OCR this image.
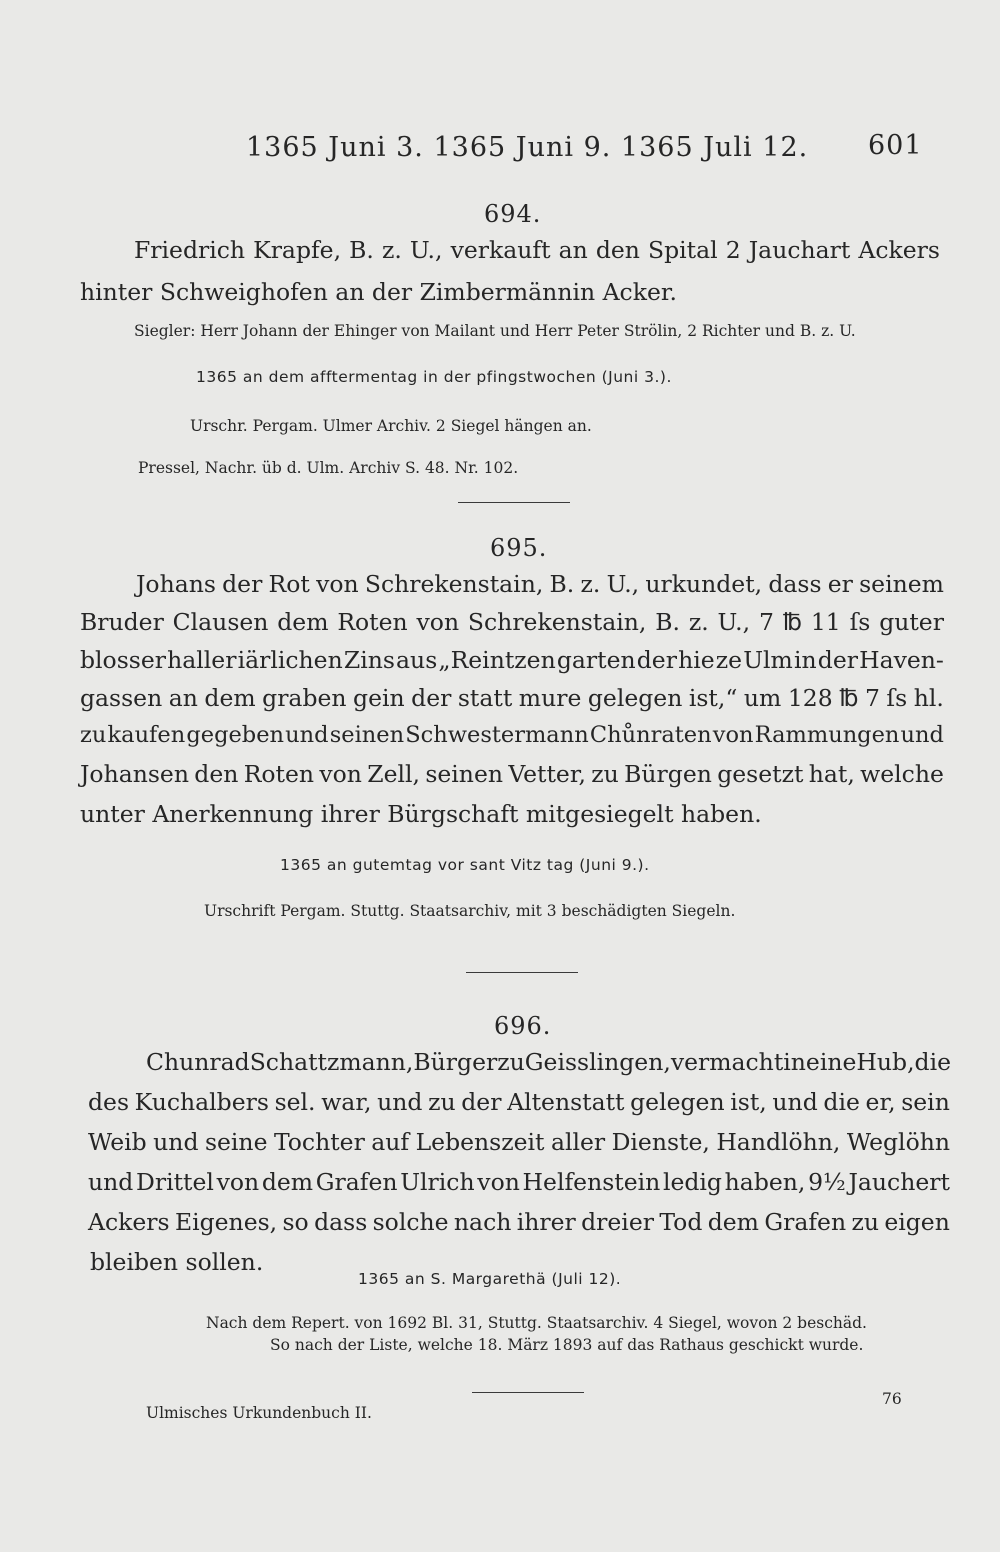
1365 Juni 3. 1365 Juni 9. 1365 Juli 12. 601
694.
Friedrich Krapfe, B. z. U., verkauft an den Spital 2 Jauchart Ackers
hinter Schweighofen an der Zimbermännin Acker.
Siegler: Herr Johann der Ehinger von Mailant und Herr Peter Strölin, 2 Richter und B. z. U.
1365 an dem afftermentag in der pfingstwochen (Juni 3.).
Urschr. Pergam. Ulmer Archiv. 2 Siegel hängen an.
Pressel, Nachr. üb d. Ulm. Archiv S. 48. Nr. 102.
695.
Johans der Rot von Schrekenstain, B. z. U., urkundet, dass er seinem
Bruder Clausen dem Roten von Schrekenstain, B. z. U., 7 ℔ 11 ſs guter
blosser haller iärlichen Zins aus „Reintzen garten der hie ze Ulm in der Haven-
gassen an dem graben gein der statt mure gelegen ist,“ um 128 ℔ 7 ſs hl.
zu kaufen gegeben und seinen Schwestermann Chůnraten von Rammungen und
Johansen den Roten von Zell, seinen Vetter, zu Bürgen gesetzt hat, welche
unter Anerkennung ihrer Bürgschaft mitgesiegelt haben.
1365 an gutemtag vor sant Vitz tag (Juni 9.).
Urschrift Pergam. Stuttg. Staatsarchiv, mit 3 beschädigten Siegeln.
696.
Chunrad Schattzmann, Bürger zu Geisslingen, vermacht in eine Hub, die
des Kuchalbers sel. war, und zu der Altenstatt gelegen ist, und die er, sein
Weib und seine Tochter auf Lebenszeit aller Dienste, Handlöhn, Weglöhn
und Drittel von dem Grafen Ulrich von Helfenstein ledig haben, 9½ Jauchert
Ackers Eigenes, so dass solche nach ihrer dreier Tod dem Grafen zu eigen
bleiben sollen.
1365 an S. Margarethä (Juli 12).
Nach dem Repert. von 1692 Bl. 31, Stuttg. Staatsarchiv. 4 Siegel, wovon 2 beschäd.
So nach der Liste, welche 18. März 1893 auf das Rathaus geschickt wurde.
Ulmisches Urkundenbuch II.
76
